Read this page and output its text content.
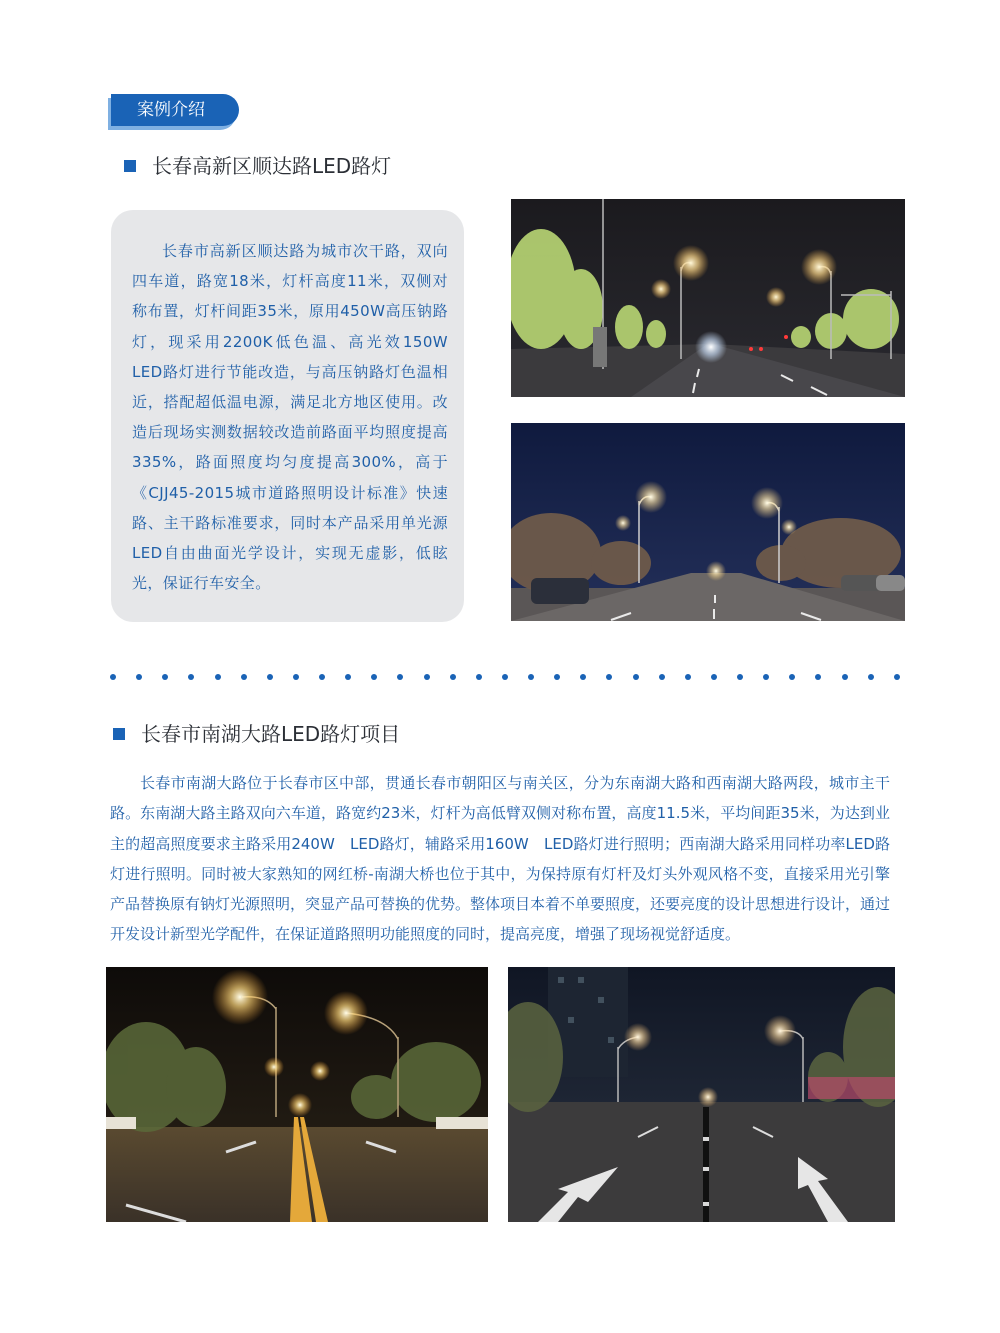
案例介绍
长春高新区顺达路LED路灯

长春市高新区顺达路为城市次干路，双向四车道，路宽18米，灯杆高度11米，双侧对称布置，灯杆间距35米，原用450W高压钠路灯，现采用2200K低色温、高光效150W　LED路灯进行节能改造，与高压钠路灯色温相近，搭配超低温电源，满足北方地区使用。改造后现场实测数据较改造前路面平均照度提高335%，路面照度均匀度提高300%，高于《CJJ45-2015城市道路照明设计标准》快速路、主干路标准要求，同时本产品采用单光源LED自由曲面光学设计，实现无虚影，低眩光，保证行车安全。

长春市南湖大路LED路灯项目

长春市南湖大路位于长春市区中部，贯通长春市朝阳区与南关区，分为东南湖大路和西南湖大路两段，城市主干路。东南湖大路主路双向六车道，路宽约23米，灯杆为高低臂双侧对称布置，高度11.5米，平均间距35米，为达到业主的超高照度要求主路采用240W　LED路灯，辅路采用160W　LED路灯进行照明；西南湖大路采用同样功率LED路灯进行照明。同时被大家熟知的网红桥-南湖大桥也位于其中，为保持原有灯杆及灯头外观风格不变，直接采用光引擎产品替换原有钠灯光源照明，突显产品可替换的优势。整体项目本着不单要照度，还要亮度的设计思想进行设计，通过开发设计新型光学配件，在保证道路照明功能照度的同时，提高亮度，增强了现场视觉舒适度。
